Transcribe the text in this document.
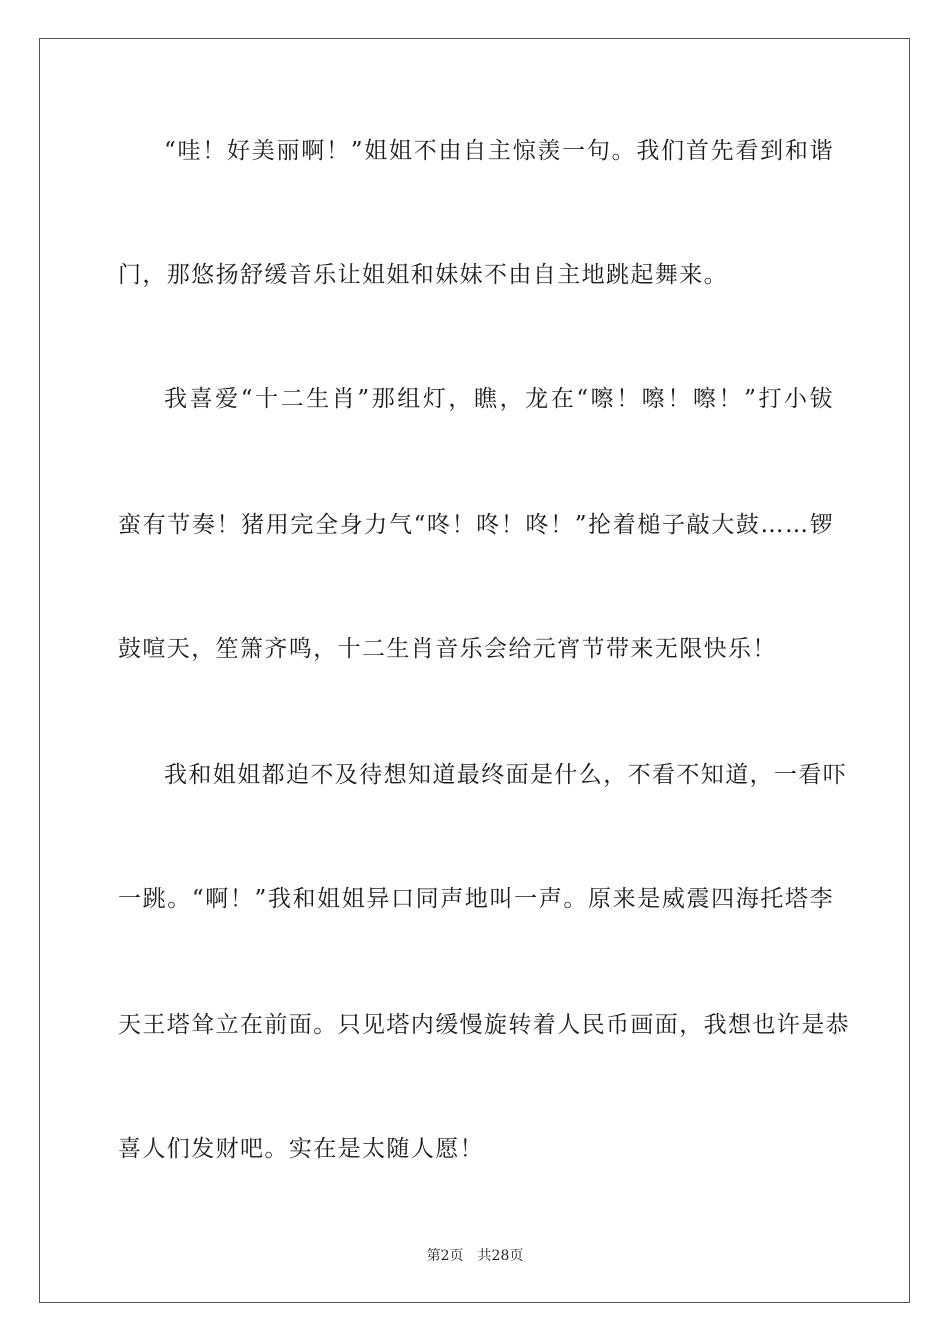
“哇！好美丽啊！”姐姐不由自主惊羡一句。我们首先看到和谐
门，那悠扬舒缓音乐让姐姐和妹妹不由自主地跳起舞来。
我喜爱“十二生肖”那组灯，瞧，龙在“嚓！嚓！嚓！”打小钹
蛮有节奏！猪用完全身力气“咚！咚！咚！”抡着槌子敲大鼓……锣
鼓喧天，笙箫齐鸣，十二生肖音乐会给元宵节带来无限快乐！
我和姐姐都迫不及待想知道最终面是什么，不看不知道，一看吓
一跳。“啊！”我和姐姐异口同声地叫一声。原来是威震四海托塔李
天王塔耸立在前面。只见塔内缓慢旋转着人民币画面，我想也许是恭
喜人们发财吧。实在是太随人愿！
第2页 共28页
